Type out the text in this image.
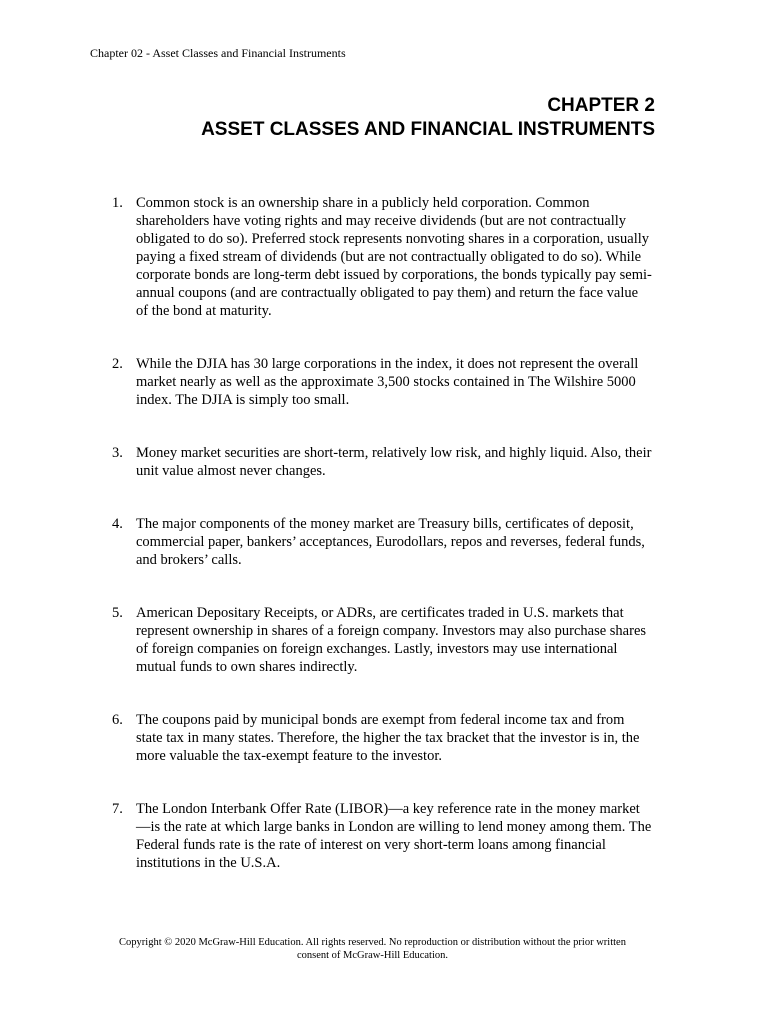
Chapter 02 - Asset Classes and Financial Instruments
CHAPTER 2
ASSET CLASSES AND FINANCIAL INSTRUMENTS
1. Common stock is an ownership share in a publicly held corporation. Common shareholders have voting rights and may receive dividends (but are not contractually obligated to do so). Preferred stock represents nonvoting shares in a corporation, usually paying a fixed stream of dividends (but are not contractually obligated to do so). While corporate bonds are long-term debt issued by corporations, the bonds typically pay semi-annual coupons (and are contractually obligated to pay them) and return the face value of the bond at maturity.
2. While the DJIA has 30 large corporations in the index, it does not represent the overall market nearly as well as the approximate 3,500 stocks contained in The Wilshire 5000 index. The DJIA is simply too small.
3. Money market securities are short-term, relatively low risk, and highly liquid. Also, their unit value almost never changes.
4. The major components of the money market are Treasury bills, certificates of deposit, commercial paper, bankers’ acceptances, Eurodollars, repos and reverses, federal funds, and brokers’ calls.
5. American Depositary Receipts, or ADRs, are certificates traded in U.S. markets that represent ownership in shares of a foreign company. Investors may also purchase shares of foreign companies on foreign exchanges. Lastly, investors may use international mutual funds to own shares indirectly.
6. The coupons paid by municipal bonds are exempt from federal income tax and from state tax in many states. Therefore, the higher the tax bracket that the investor is in, the more valuable the tax-exempt feature to the investor.
7. The London Interbank Offer Rate (LIBOR)—a key reference rate in the money market—is the rate at which large banks in London are willing to lend money among them. The Federal funds rate is the rate of interest on very short-term loans among financial institutions in the U.S.A.
Copyright © 2020 McGraw-Hill Education. All rights reserved. No reproduction or distribution without the prior written
consent of McGraw-Hill Education.
